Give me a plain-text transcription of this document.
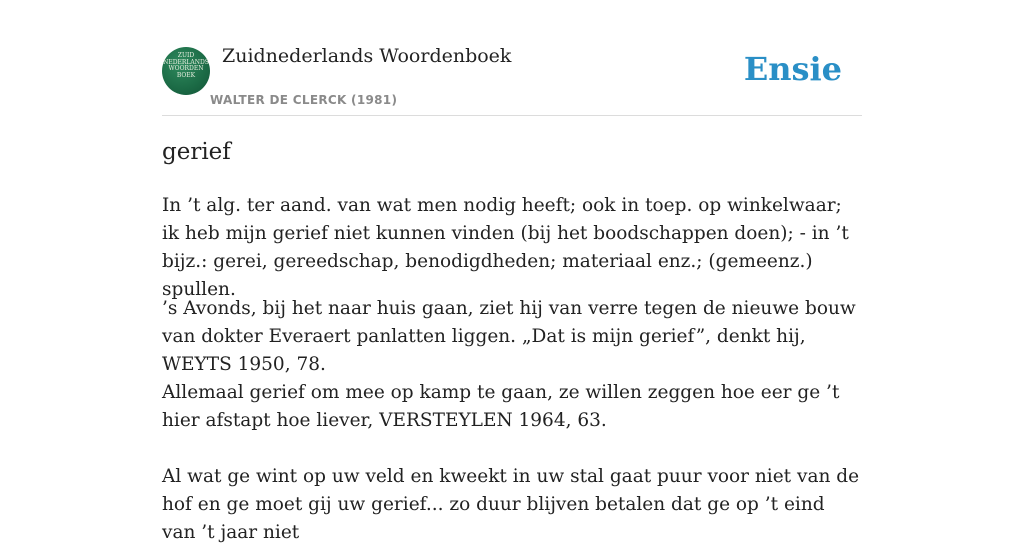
ZUID
NEDERLANDS
WOORDEN
BOEK
Zuidnederlands Woordenboek
WALTER DE CLERCK (1981)
Ensie
gerief

In ’t alg. ter aand. van wat men nodig heeft; ook in toep. op winkelwaar; ik heb mijn gerief niet kunnen vinden (bij het boodschappen doen); - in ’t bijz.: gerei, gereedschap, benodigdheden; materiaal enz.; (gemeenz.) spullen.

’s Avonds, bij het naar huis gaan, ziet hij van verre tegen de nieuwe bouw van dokter Everaert panlatten liggen. „Dat is mijn gerief”, denkt hij, WEYTS 1950, 78.

Allemaal gerief om mee op kamp te gaan, ze willen zeggen hoe eer ge ’t hier afstapt hoe liever, VERSTEYLEN 1964, 63.

Al wat ge wint op uw veld en kweekt in uw stal gaat puur voor niet van de hof en ge moet gij uw gerief... zo duur blijven betalen dat ge op ’t eind van ’t jaar niet
